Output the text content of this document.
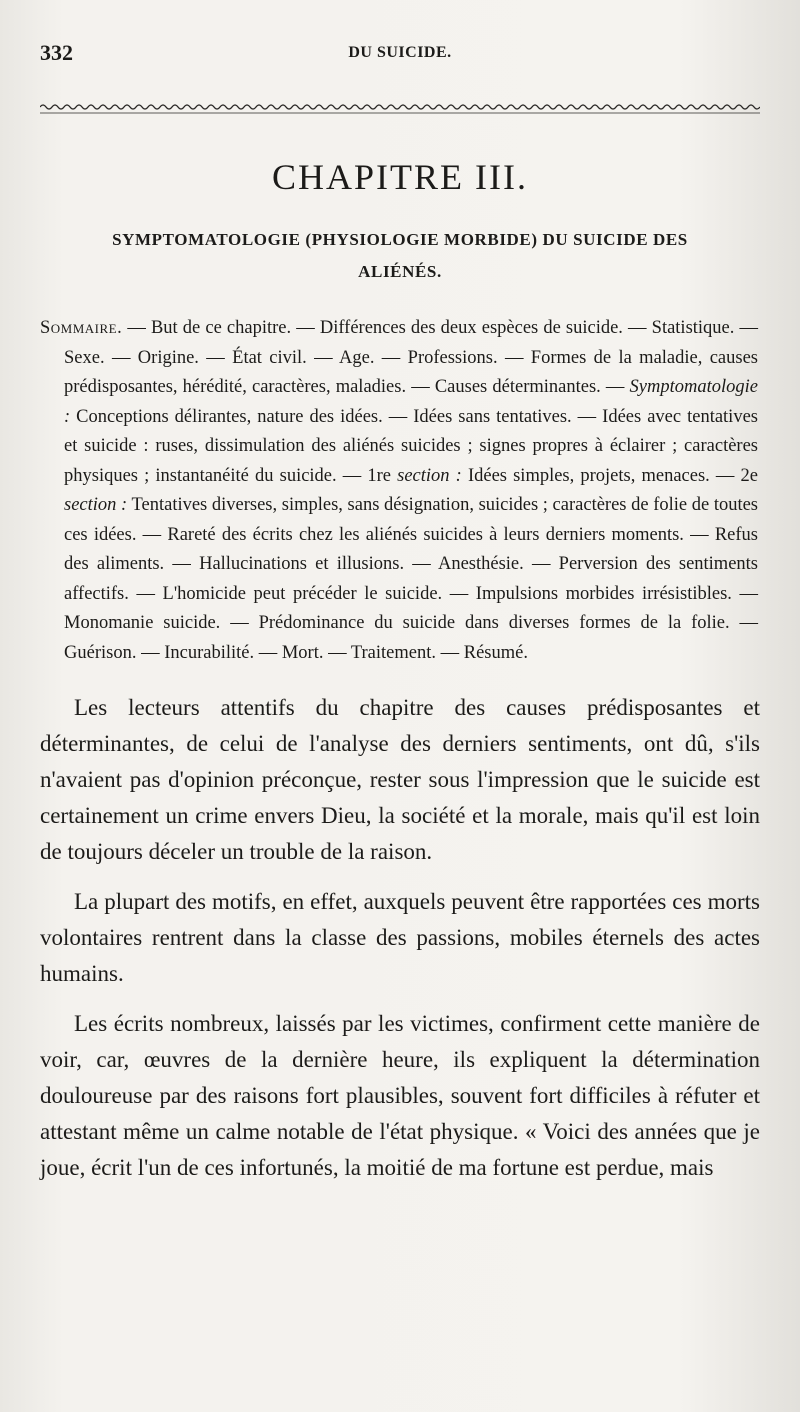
332	DU SUICIDE.
CHAPITRE III.
SYMPTOMATOLOGIE (PHYSIOLOGIE MORBIDE) DU SUICIDE DES ALIÉNÉS.
Sommaire. — But de ce chapitre. — Différences des deux espèces de suicide. — Statistique. — Sexe. — Origine. — État civil. — Age. — Professions. — Formes de la maladie, causes prédisposantes, hérédité, caractères, maladies. — Causes déterminantes. — Symptomatologie : Conceptions délirantes, nature des idées. — Idées sans tentatives. — Idées avec tentatives et suicide : ruses, dissimulation des aliénés suicides ; signes propres à éclairer ; caractères physiques ; instantanéité du suicide. — 1re section : Idées simples, projets, menaces. — 2e section : Tentatives diverses, simples, sans désignation, suicides ; caractères de folie de toutes ces idées. — Rareté des écrits chez les aliénés suicides à leurs derniers moments. — Refus des aliments. — Hallucinations et illusions. — Anesthésie. — Perversion des sentiments affectifs. — L'homicide peut précéder le suicide. — Impulsions morbides irrésistibles. — Monomanie suicide. — Prédominance du suicide dans diverses formes de la folie. — Guérison. — Incurabilité. — Mort. — Traitement. — Résumé.

Les lecteurs attentifs du chapitre des causes prédisposantes et déterminantes, de celui de l'analyse des derniers sentiments, ont dû, s'ils n'avaient pas d'opinion préconçue, rester sous l'impression que le suicide est certainement un crime envers Dieu, la société et la morale, mais qu'il est loin de toujours déceler un trouble de la raison.

La plupart des motifs, en effet, auxquels peuvent être rapportées ces morts volontaires rentrent dans la classe des passions, mobiles éternels des actes humains.

Les écrits nombreux, laissés par les victimes, confirment cette manière de voir, car, œuvres de la dernière heure, ils expliquent la détermination douloureuse par des raisons fort plausibles, souvent fort difficiles à réfuter et attestant même un calme notable de l'état physique. « Voici des années que je joue, écrit l'un de ces infortunés, la moitié de ma fortune est perdue, mais
